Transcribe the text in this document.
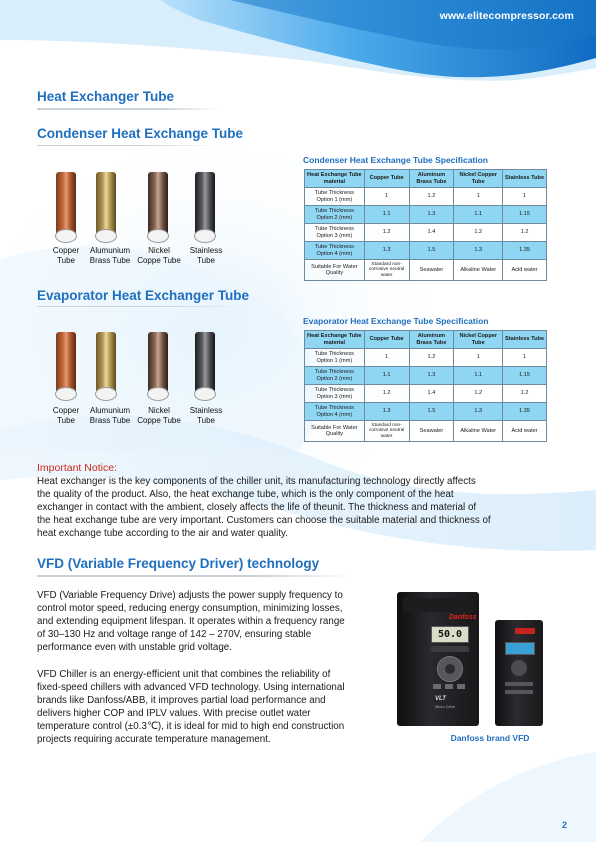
www.elitecompressor.com
Heat Exchanger Tube
Condenser Heat Exchange Tube
Copper
Tube
Alumunium
Brass Tube
Nickel
Coppe Tube
Stainless
Tube
Condenser Heat Exchange Tube Specification
Heat Exchange Tube material	Copper Tube	Aluminum Brass Tube	Nickel Copper Tube	Stainless Tube
Tube Thickness Option 1 (mm)	1	1.2	1	1
Tube Thickness Option 2 (mm)	1.1	1.3	1.1	1.15
Tube Thickness Option 3 (mm)	1.2	1.4	1.2	1.2
Tube Thickness Option 4 (mm)	1.3	1.5	1.3	1.35
Suitable For Water Quality	Standard non-corrosive neutral water	Seawater	Alkaline Water	Acid water
Evaporator Heat Exchanger Tube
Copper
Tube
Alumunium
Brass Tube
Nickel
Coppe Tube
Stainless
Tube
Evaporator Heat Exchange Tube Specification
Heat Exchange Tube material	Copper Tube	Aluminum Brass Tube	Nickel Copper Tube	Stainless Tube
Tube Thickness Option 1 (mm)	1	1.2	1	1
Tube Thickness Option 2 (mm)	1.1	1.3	1.1	1.15
Tube Thickness Option 3 (mm)	1.2	1.4	1.2	1.2
Tube Thickness Option 4 (mm)	1.3	1.5	1.3	1.35
Suitable For Water Quality	Standard non-corrosive neutral water	Seawater	Alkaline Water	Acid water
Important Notice:
Heat exchanger is the key components of the chiller unit, its manufacturing technology directly affects
the quality of the product. Also, the heat exchange tube, which is the only component of the heat
exchanger in contact with the ambient, closely affects the life of theunit. The thickness and material of
the heat exchange tube are very important. Customers can choose the suitable material and thickness of
heat exchange tube according to the air and water quality.
VFD (Variable Frequency Driver) technology
VFD (Variable Frequency Drive) adjusts the power supply frequency to
control motor speed, reducing energy consumption, minimizing losses,
and extending equipment lifespan. It operates within a frequency range
of 30–130 Hz and voltage range of 142 – 270V, ensuring stable
performance even with unstable grid voltage.
VFD Chiller is an energy-efficient unit that combines the reliability of
fixed-speed chillers with advanced VFD technology. Using international
brands like Danfoss/ABB, it improves partial load performance and
delivers higher COP and IPLV values. With precise outlet water
temperature control (±0.3℃), it is ideal for mid to high end construction
projects requiring accurate temperature management.
Danfoss
50.0
VLT
Micro Drive
Danfoss brand VFD
2
